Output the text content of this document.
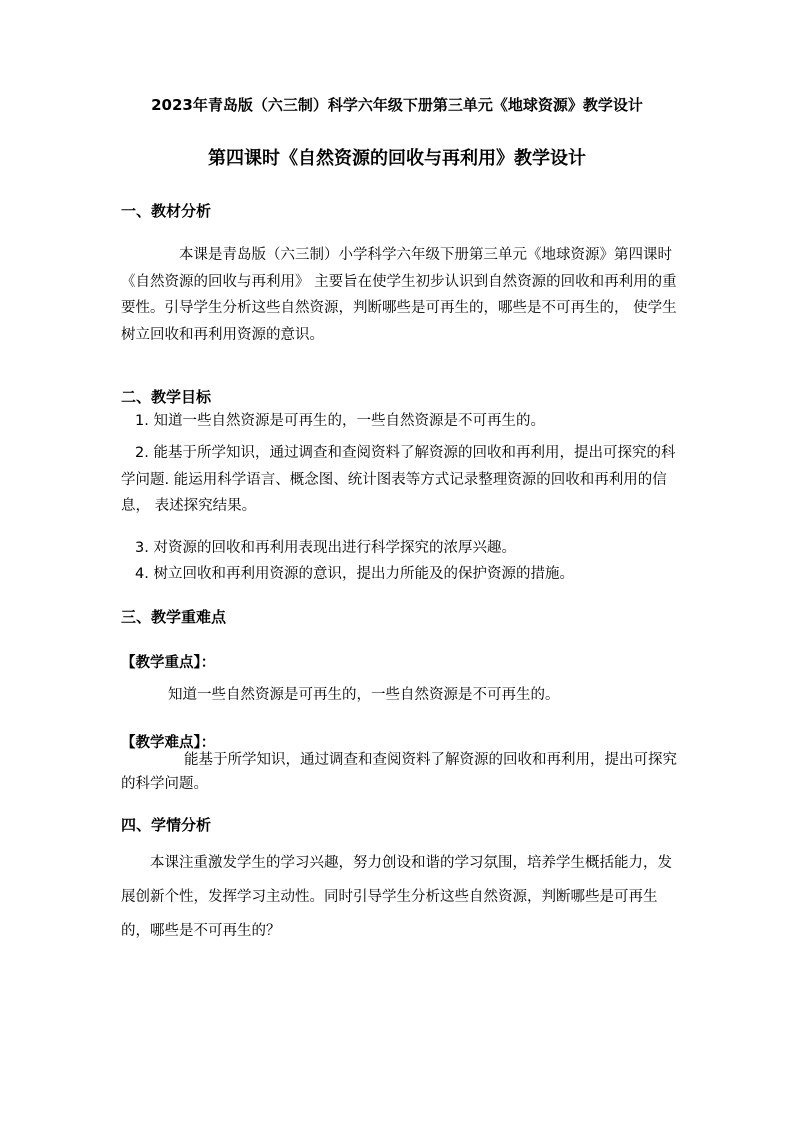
2023年青岛版（六三制）科学六年级下册第三单元《地球资源》教学设计
第四课时《自然资源的回收与再利用》教学设计
一、教材分析

本课是青岛版（六三制）小学科学六年级下册第三单元《地球资源》第四课时《自然资源的回收与再利用》 主要旨在使学生初步认识到自然资源的回收和再利用的重要性。引导学生分析这些自然资源，判断哪些是可再生的，哪些是不可再生的， 使学生树立回收和再利用资源的意识。

二、教学目标
1. 知道一些自然资源是可再生的，一些自然资源是不可再生的。

2. 能基于所学知识，通过调查和查阅资料了解资源的回收和再利用，提出可探究的科学问题. 能运用科学语言、概念图、统计图表等方式记录整理资源的回收和再利用的信息， 表述探究结果。

3. 对资源的回收和再利用表现出进行科学探究的浓厚兴趣。
4. 树立回收和再利用资源的意识，提出力所能及的保护资源的措施。
三、教学重难点
【教学重点】：
知道一些自然资源是可再生的，一些自然资源是不可再生的。
【教学难点】：

能基于所学知识，通过调查和查阅资料了解资源的回收和再利用，提出可探究的科学问题。

四、学情分析

本课注重激发学生的学习兴趣，努力创设和谐的学习氛围，培养学生概括能力，发展创新个性，发挥学习主动性。同时引导学生分析这些自然资源，判断哪些是可再生的，哪些是不可再生的？
